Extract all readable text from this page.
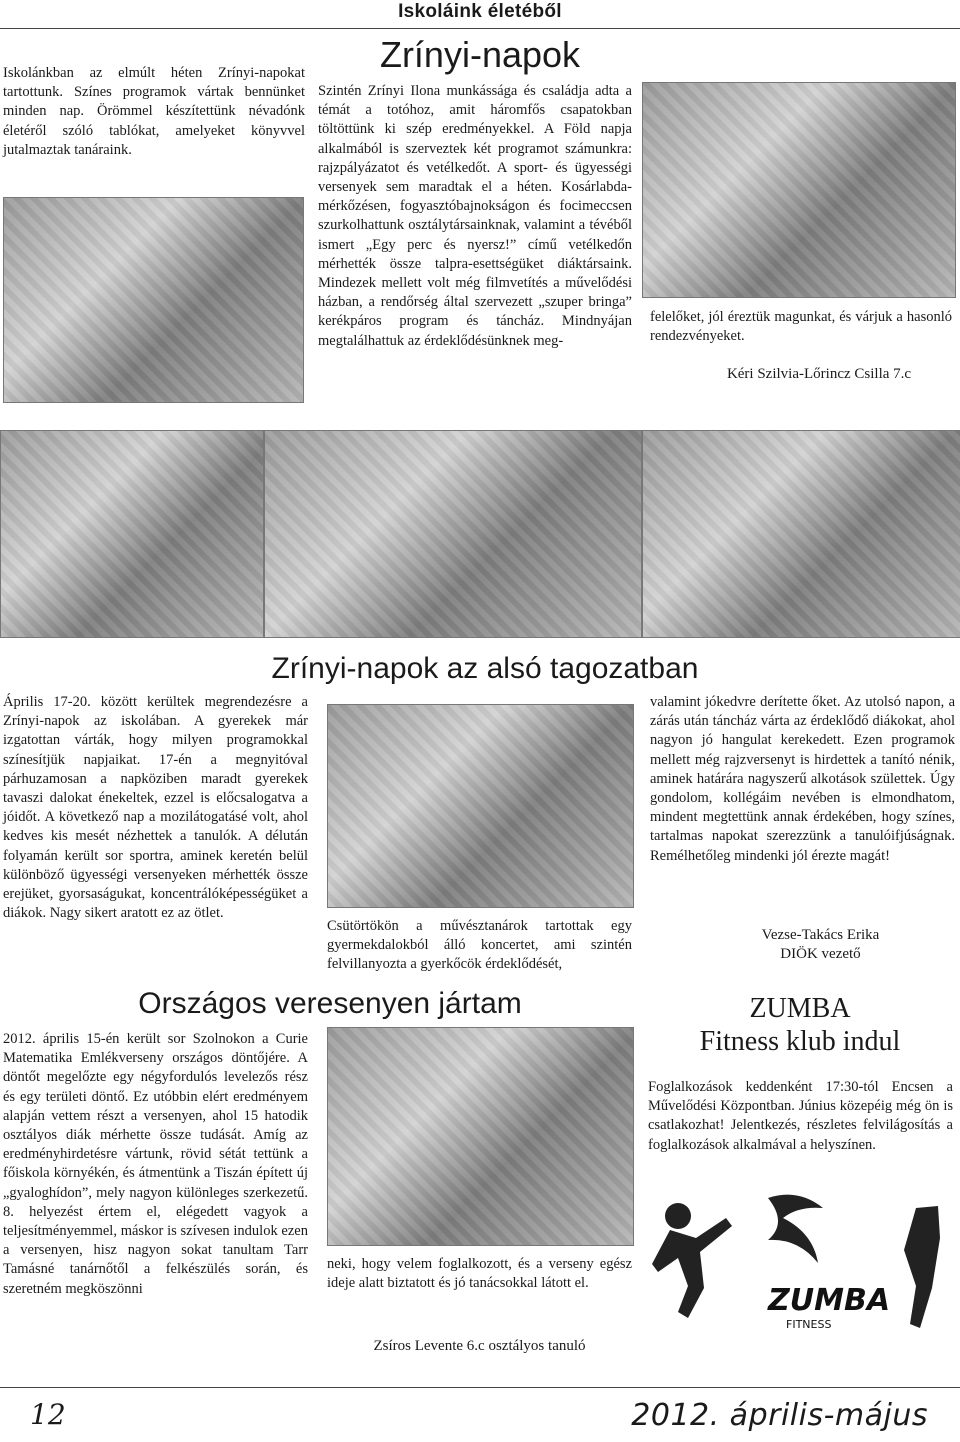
Iskoláink életéből
Zrínyi-napok
Iskolánkban az elmúlt héten Zrínyi-napokat tartottunk. Színes programok vártak bennünket minden nap. Örömmel készítettünk névadónk életéről szóló tablókat, amelyeket könyvvel jutalmaztak tanáraink.
Szintén Zrínyi Ilona munkássága és családja adta a témát a totóhoz, amit háromfős csapatokban töltöttünk ki szép eredményekkel. A Föld napja alkalmából is szerveztek két programot számunkra: rajzpályázatot és vetélkedőt. A sport- és ügyességi versenyek sem maradtak el a héten. Kosárlabda-mérkőzésen, fogyasztóbajnokságon és focimeccsen szurkolhattunk osztálytársainknak, valamint a tévéből ismert „Egy perc és nyersz!” című vetélkedőn mérhették össze talpra-esettségüket diáktársaink. Mindezek mellett volt még filmvetítés a művelődési házban, a rendőrség által szervezett „szuper bringa” kerékpáros program és táncház. Mindnyájan megtalálhattuk az érdeklődésünknek meg-
felelőket, jól éreztük magunkat, és várjuk a hasonló rendezvényeket.
Kéri Szilvia-Lőrincz Csilla 7.c
Zrínyi-napok az alsó tagozatban
Április 17-20. között kerültek megrendezésre a Zrínyi-napok az iskolában. A gyerekek már izgatottan várták, hogy milyen programokkal színesítjük napjaikat. 17-én a megnyitóval párhuzamosan a napköziben maradt gyerekek tavaszi dalokat énekeltek, ezzel is előcsalogatva a jóidőt. A következő nap a mozilátogatásé volt, ahol kedves kis mesét nézhettek a tanulók. A délután folyamán került sor sportra, aminek keretén belül különböző ügyességi versenyeken mérhették össze erejüket, gyorsaságukat, koncentrálóképességüket a diákok. Nagy sikert aratott ez az ötlet.
Csütörtökön a művésztanárok tartottak egy gyermekdalokból álló koncertet, ami szintén felvillanyozta a gyerkőcök érdeklődését,
valamint jókedvre derítette őket. Az utolsó napon, a zárás után táncház várta az érdeklődő diákokat, ahol nagyon jó hangulat kerekedett. Ezen programok mellett még rajzversenyt is hirdettek a tanító nénik, aminek határára nagyszerű alkotások születtek. Úgy gondolom, kollégáim nevében is elmondhatom, mindent megtettünk annak érdekében, hogy színes, tartalmas napokat szerezzünk a tanulóifjúságnak. Remélhetőleg mindenki jól érezte magát!
Vezse-Takács Erika
DIÖK vezető
Országos veresenyen jártam
2012. április 15-én került sor Szolnokon a Curie Matematika Emlékverseny országos döntőjére. A döntőt megelőzte egy négyfordulós levelezős rész és egy területi döntő. Ez utóbbin elért eredményem alapján vettem részt a versenyen, ahol 15 hatodik osztályos diák mérhette össze tudását. Amíg az eredményhirdetésre vártunk, rövid sétát tettünk a főiskola környékén, és átmentünk a Tiszán épített új „gyaloghídon”, mely nagyon különleges szerkezetű. 8. helyezést értem el, elégedett vagyok a teljesítményemmel, máskor is szívesen indulok ezen a versenyen, hisz nagyon sokat tanultam Tarr Tamásné tanárnőtől a felkészülés során, és szeretném megköszönni
neki, hogy velem foglalkozott, és a verseny egész ideje alatt biztatott és jó tanácsokkal látott el.
Zsíros Levente 6.c osztályos tanuló
ZUMBA
Fitness klub indul
Foglalkozások keddenként 17:30-tól Encsen a Művelődési Központban. Június közepéig még ön is csatlakozhat! Jelentkezés, részletes felvilágosítás a foglalkozások alkalmával a helyszínen.
ZUMBA
FITNESS
12	2012. április-május
